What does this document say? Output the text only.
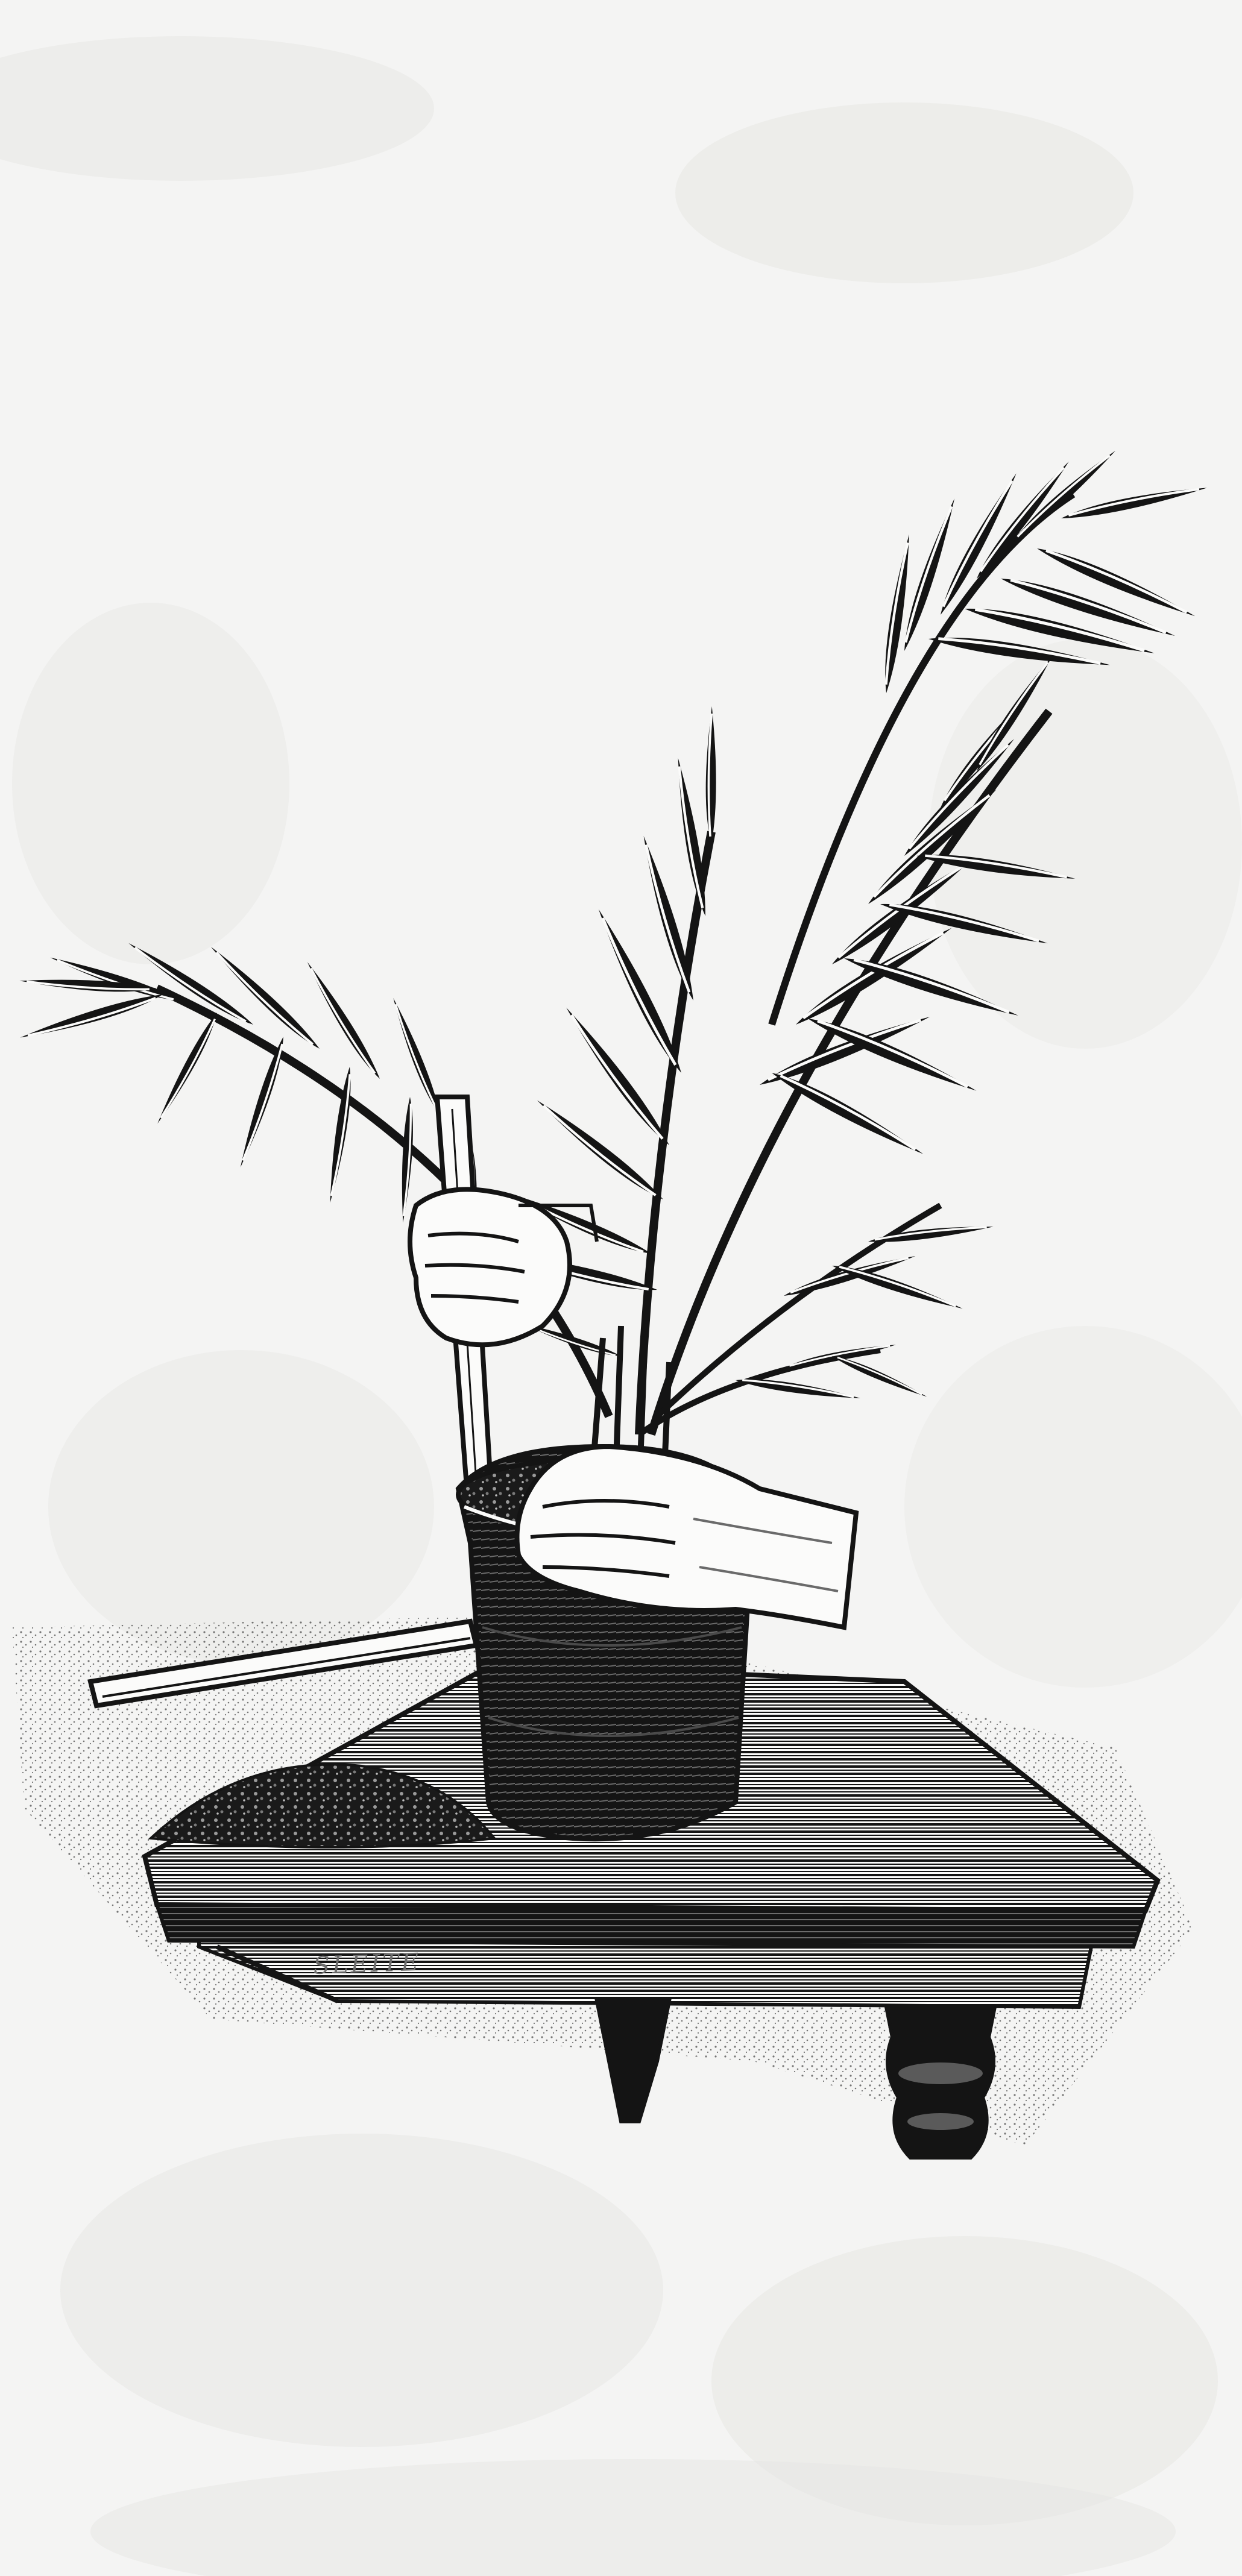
SLEITE
